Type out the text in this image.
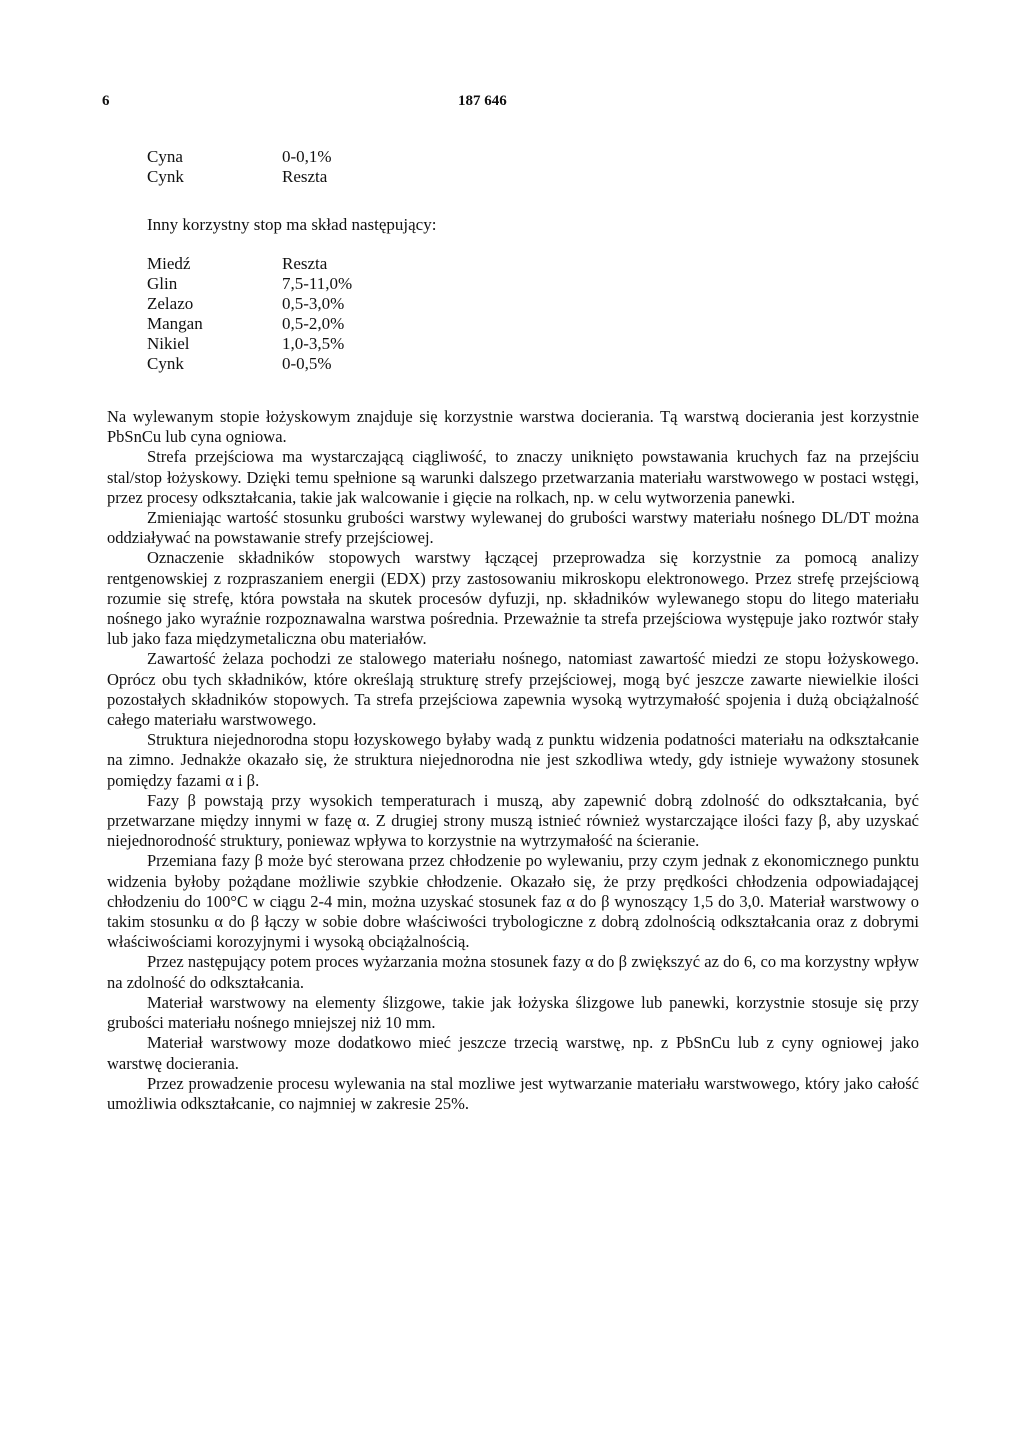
6	187 646
Cyna	0-0,1%
Cynk	Reszta
Inny korzystny stop ma skład następujący:
Miedź	Reszta
Glin	7,5-11,0%
Zelazo	0,5-3,0%
Mangan	0,5-2,0%
Nikiel	1,0-3,5%
Cynk	0-0,5%

Na wylewanym stopie łożyskowym znajduje się korzystnie warstwa docierania. Tą warstwą docierania jest korzystnie PbSnCu lub cyna ogniowa.

Strefa przejściowa ma wystarczającą ciągliwość, to znaczy uniknięto powstawania kruchych faz na przejściu stal/stop łożyskowy. Dzięki temu spełnione są warunki dalszego przetwarzania materiału warstwowego w postaci wstęgi, przez procesy odkształcania, takie jak walcowanie i gięcie na rolkach, np. w celu wytworzenia panewki.

Zmieniając wartość stosunku grubości warstwy wylewanej do grubości warstwy materiału nośnego DL/DT można oddziaływać na powstawanie strefy przejściowej.

Oznaczenie składników stopowych warstwy łączącej przeprowadza się korzystnie za pomocą analizy rentgenowskiej z rozpraszaniem energii (EDX) przy zastosowaniu mikroskopu elektronowego. Przez strefę przejściową rozumie się strefę, która powstała na skutek procesów dyfuzji, np. składników wylewanego stopu do litego materiału nośnego jako wyraźnie rozpoznawalna warstwa pośrednia. Przeważnie ta strefa przejściowa występuje jako roztwór stały lub jako faza międzymetaliczna obu materiałów.

Zawartość żelaza pochodzi ze stalowego materiału nośnego, natomiast zawartość miedzi ze stopu łożyskowego. Oprócz obu tych składników, które określają strukturę strefy przejściowej, mogą być jeszcze zawarte niewielkie ilości pozostałych składników stopowych. Ta strefa przejściowa zapewnia wysoką wytrzymałość spojenia i dużą obciążalność całego materiału warstwowego.

Struktura niejednorodna stopu łozyskowego byłaby wadą z punktu widzenia podatności materiału na odkształcanie na zimno. Jednakże okazało się, że struktura niejednorodna nie jest szkodliwa wtedy, gdy istnieje wyważony stosunek pomiędzy fazami α i β.

Fazy β powstają przy wysokich temperaturach i muszą, aby zapewnić dobrą zdolność do odkształcania, być przetwarzane między innymi w fazę α. Z drugiej strony muszą istnieć również wystarczające ilości fazy β, aby uzyskać niejednorodność struktury, poniewaz wpływa to korzystnie na wytrzymałość na ścieranie.

Przemiana fazy β może być sterowana przez chłodzenie po wylewaniu, przy czym jednak z ekonomicznego punktu widzenia byłoby pożądane możliwie szybkie chłodzenie. Okazało się, że przy prędkości chłodzenia odpowiadającej chłodzeniu do 100°C w ciągu 2-4 min, można uzyskać stosunek faz α do β wynoszący 1,5 do 3,0. Materiał warstwowy o takim stosunku α do β łączy w sobie dobre właściwości trybologiczne z dobrą zdolnością odkształcania oraz z dobrymi właściwościami korozyjnymi i wysoką obciążalnością.

Przez następujący potem proces wyżarzania można stosunek fazy α do β zwiększyć az do 6, co ma korzystny wpływ na zdolność do odkształcania.

Materiał warstwowy na elementy ślizgowe, takie jak łożyska ślizgowe lub panewki, korzystnie stosuje się przy grubości materiału nośnego mniejszej niż 10 mm.

Materiał warstwowy moze dodatkowo mieć jeszcze trzecią warstwę, np. z PbSnCu lub z cyny ogniowej jako warstwę docierania.

Przez prowadzenie procesu wylewania na stal mozliwe jest wytwarzanie materiału warstwowego, który jako całość umożliwia odkształcanie, co najmniej w zakresie 25%.
